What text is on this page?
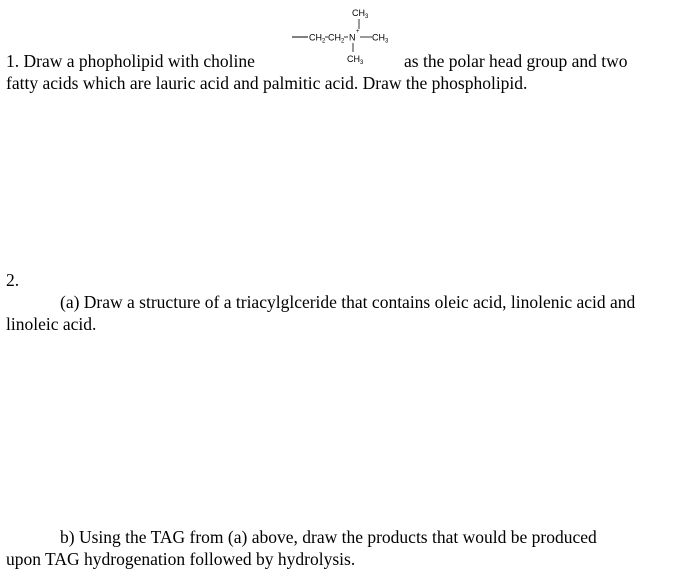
1. Draw a phopholipid with choline
$CH_3$
$CH_2$ $CH_2$ N
+
$CH_3$
$CH_3$ as the polar head group and two
fatty acids which are lauric acid and palmitic acid. Draw the phospholipid.
2.
(a) Draw a structure of a triacylglceride that contains oleic acid, linolenic acid and
linoleic acid.
b) Using the TAG from (a) above, draw the products that would be produced
upon TAG hydrogenation followed by hydrolysis.
